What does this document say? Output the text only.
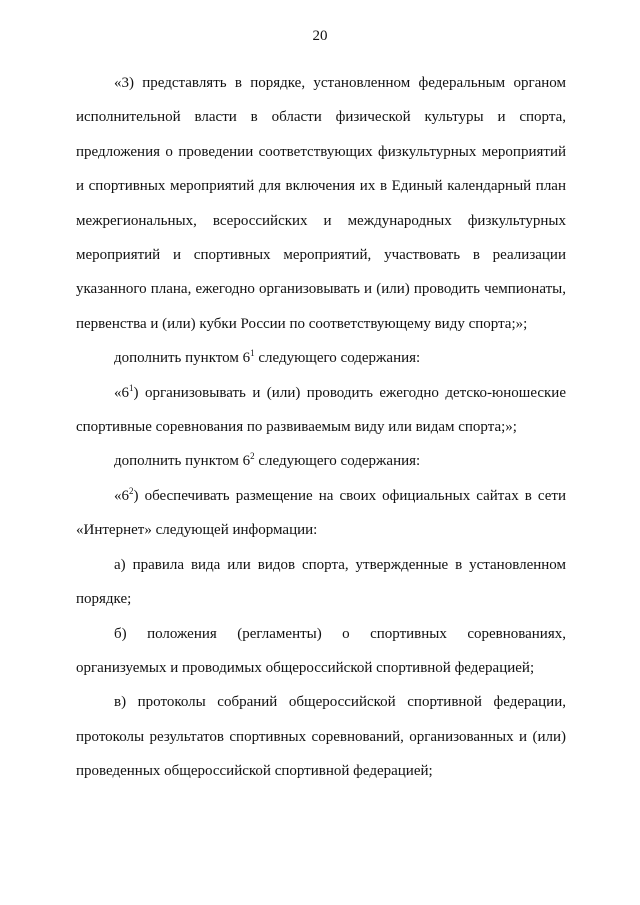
20

«3) представлять в порядке, установленном федеральным органом исполнительной власти в области физической культуры и спорта, предложения о проведении соответствующих физкультурных мероприятий и спортивных мероприятий для включения их в Единый календарный план межрегиональных, всероссийских и международных физкультурных мероприятий и спортивных мероприятий, участвовать в реализации указанного плана, ежегодно организовывать и (или) проводить чемпионаты, первенства и (или) кубки России по соответствующему виду спорта;»;

дополнить пунктом $6^1$ следующего содержания:

«$6^1$) организовывать и (или) проводить ежегодно детско-юношеские спортивные соревнования по развиваемым виду или видам спорта;»;

дополнить пунктом $6^2$ следующего содержания:

«$6^2$) обеспечивать размещение на своих официальных сайтах в сети «Интернет» следующей информации:

а) правила вида или видов спорта, утвержденные в установленном порядке;

б) положения (регламенты) о спортивных соревнованиях, организуемых и проводимых общероссийской спортивной федерацией;

в) протоколы собраний общероссийской спортивной федерации, протоколы результатов спортивных соревнований, организованных и (или) проведенных общероссийской спортивной федерацией;
